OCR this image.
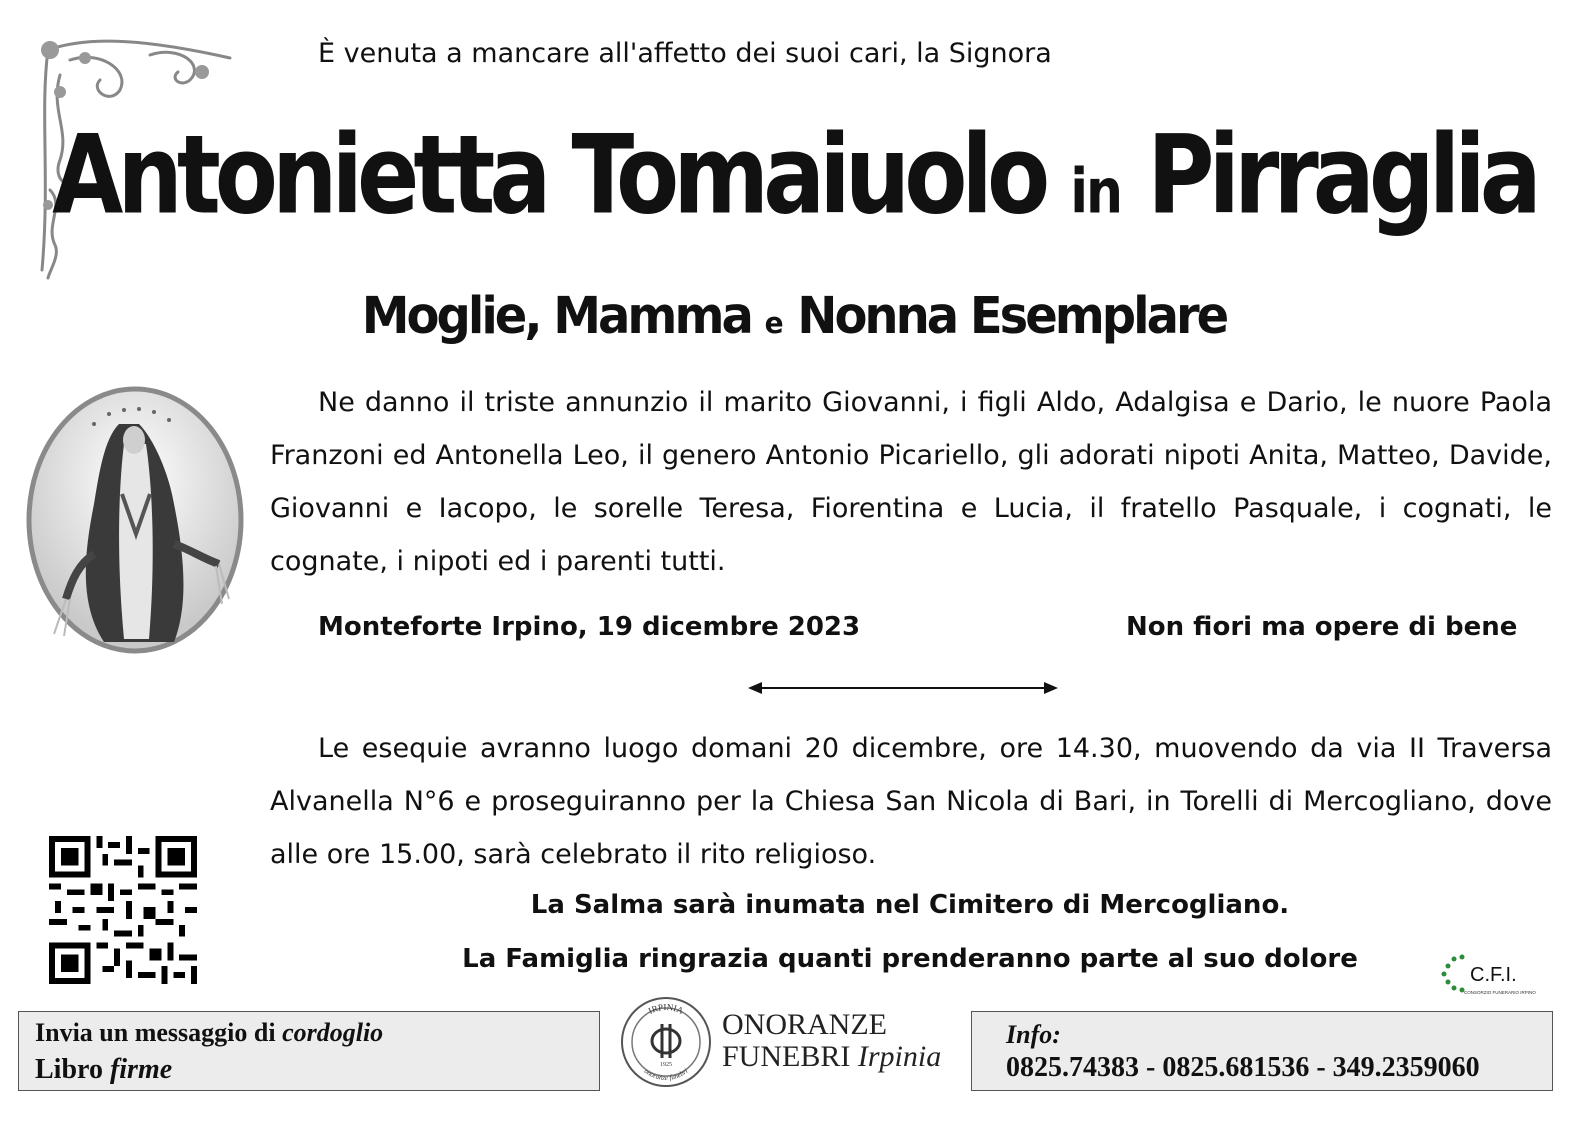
È venuta a mancare all'affetto dei suoi cari, la Signora
Antonietta Tomaiuolo in Pirraglia
Moglie, Mamma e Nonna Esemplare
Ne danno il triste annunzio il marito Giovanni, i figli Aldo, Adalgisa e Dario, le nuore Paola Franzoni ed Antonella Leo, il genero Antonio Picariello, gli adorati nipoti Anita, Matteo, Davide, Giovanni e Iacopo, le sorelle Teresa, Fiorentina e Lucia, il fratello Pasquale, i cognati, le cognate, i nipoti ed i parenti tutti.
Monteforte Irpino, 19 dicembre 2023	Non fiori ma opere di bene
Le esequie avranno luogo domani 20 dicembre, ore 14.30, muovendo da via II Traversa Alvanella N°6 e proseguiranno per la Chiesa San Nicola di Bari, in Torelli di Mercogliano, dove alle ore 15.00, sarà celebrato il rito religioso.
La Salma sarà inumata nel Cimitero di Mercogliano.
La Famiglia ringrazia quanti prenderanno parte al suo dolore
C.F.I.
CONSORZIO FUNERARIO IRPINO
Invia un messaggio di cordoglio
Libro firme
IRPINIA
onoranze funebri
1925
ONORANZE
FUNEBRI Irpinia
Info:
0825.74383 - 0825.681536 - 349.2359060
